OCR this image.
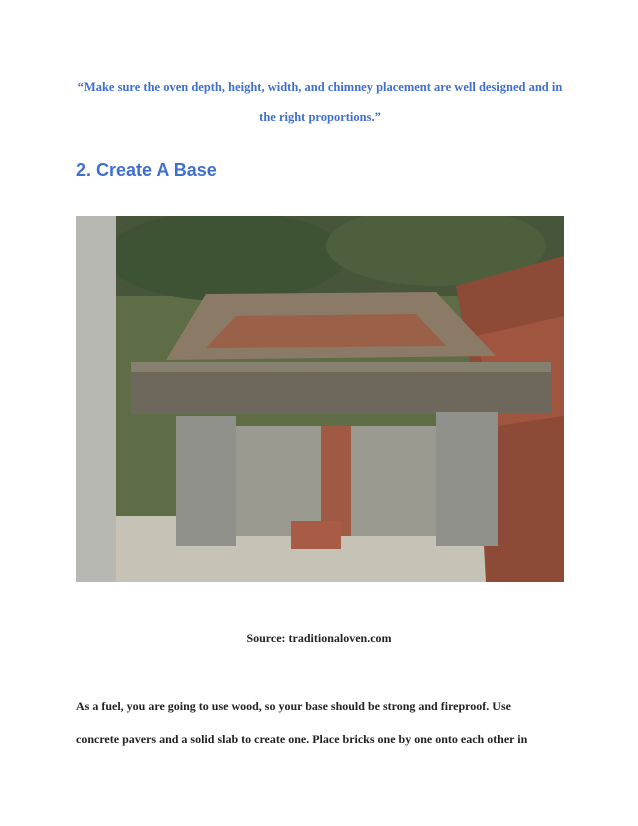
“Make sure the oven depth, height, width, and chimney placement are well designed and in
the right proportions.”
2. Create A Base
Source: traditionaloven.com

As a fuel, you are going to use wood, so your base should be strong and fireproof. Use
concrete pavers and a solid slab to create one. Place bricks one by one onto each other in
